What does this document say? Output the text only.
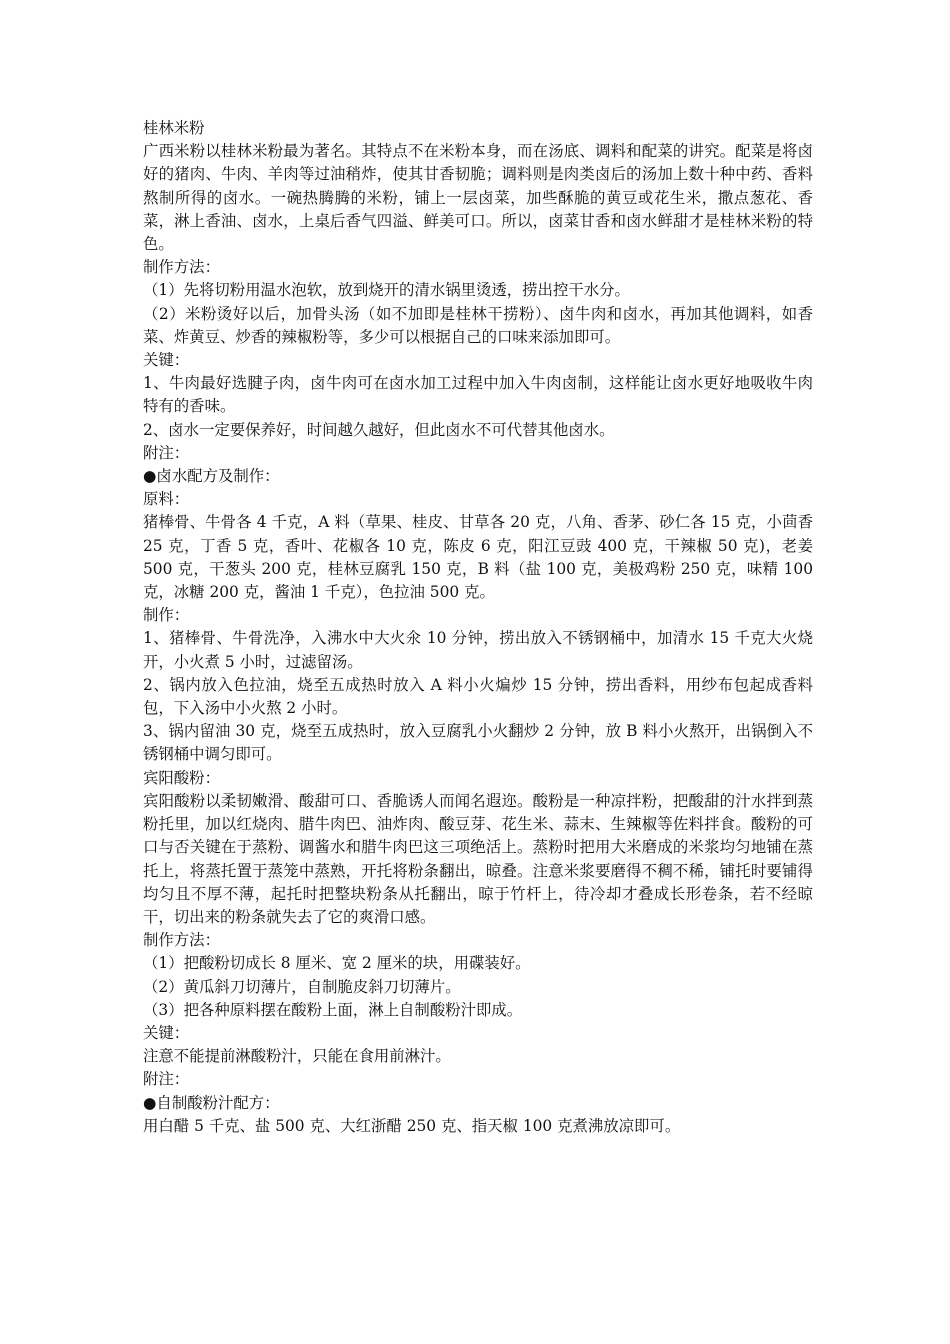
桂林米粉

广西米粉以桂林米粉最为著名。其特点不在米粉本身，而在汤底、调料和配菜的讲究。配菜是将卤好的猪肉、牛肉、羊肉等过油稍炸，使其甘香韧脆；调料则是肉类卤后的汤加上数十种中药、香料熬制所得的卤水。一碗热腾腾的米粉，铺上一层卤菜，加些酥脆的黄豆或花生米，撒点葱花、香菜，淋上香油、卤水，上桌后香气四溢、鲜美可口。所以，卤菜甘香和卤水鲜甜才是桂林米粉的特色。

制作方法：

（1）先将切粉用温水泡软，放到烧开的清水锅里烫透，捞出控干水分。

（2）米粉烫好以后，加骨头汤（如不加即是桂林干捞粉）、卤牛肉和卤水，再加其他调料，如香菜、炸黄豆、炒香的辣椒粉等，多少可以根据自己的口味来添加即可。

关键：

1、牛肉最好选腱子肉，卤牛肉可在卤水加工过程中加入牛肉卤制，这样能让卤水更好地吸收牛肉特有的香味。

2、卤水一定要保养好，时间越久越好，但此卤水不可代替其他卤水。

附注：

●卤水配方及制作：

原料：

猪棒骨、牛骨各 4 千克，A 料（草果、桂皮、甘草各 20 克，八角、香茅、砂仁各 15 克，小茴香 25 克，丁香 5 克，香叶、花椒各 10 克，陈皮 6 克，阳江豆豉 400 克，干辣椒 50 克)，老姜 500 克，干葱头 200 克，桂林豆腐乳 150 克，B 料（盐 100 克，美极鸡粉 250 克，味精 100 克，冰糖 200 克，酱油 1 千克），色拉油 500 克。

制作：

1、猪棒骨、牛骨洗净，入沸水中大火氽 10 分钟，捞出放入不锈钢桶中，加清水 15 千克大火烧开，小火煮 5 小时，过滤留汤。

2、锅内放入色拉油，烧至五成热时放入 A 料小火煸炒 15 分钟，捞出香料，用纱布包起成香料包，下入汤中小火熬 2 小时。

3、锅内留油 30 克，烧至五成热时，放入豆腐乳小火翻炒 2 分钟，放 B 料小火熬开，出锅倒入不锈钢桶中调匀即可。

宾阳酸粉：

宾阳酸粉以柔韧嫩滑、酸甜可口、香脆诱人而闻名遐迩。酸粉是一种凉拌粉，把酸甜的汁水拌到蒸粉托里，加以红烧肉、腊牛肉巴、油炸肉、酸豆芽、花生米、蒜末、生辣椒等佐料拌食。酸粉的可口与否关键在于蒸粉、调酱水和腊牛肉巴这三项绝活上。蒸粉时把用大米磨成的米浆均匀地铺在蒸托上，将蒸托置于蒸笼中蒸熟，开托将粉条翻出，晾叠。注意米浆要磨得不稠不稀，铺托时要铺得均匀且不厚不薄，起托时把整块粉条从托翻出，晾于竹杆上，待冷却才叠成长形卷条，若不经晾干，切出来的粉条就失去了它的爽滑口感。

制作方法：

（1）把酸粉切成长 8 厘米、宽 2 厘米的块，用碟装好。

（2）黄瓜斜刀切薄片，自制脆皮斜刀切薄片。

（3）把各种原料摆在酸粉上面，淋上自制酸粉汁即成。

关键：

注意不能提前淋酸粉汁，只能在食用前淋汁。

附注：

●自制酸粉汁配方：

用白醋 5 千克、盐 500 克、大红浙醋 250 克、指天椒 100 克煮沸放凉即可。
